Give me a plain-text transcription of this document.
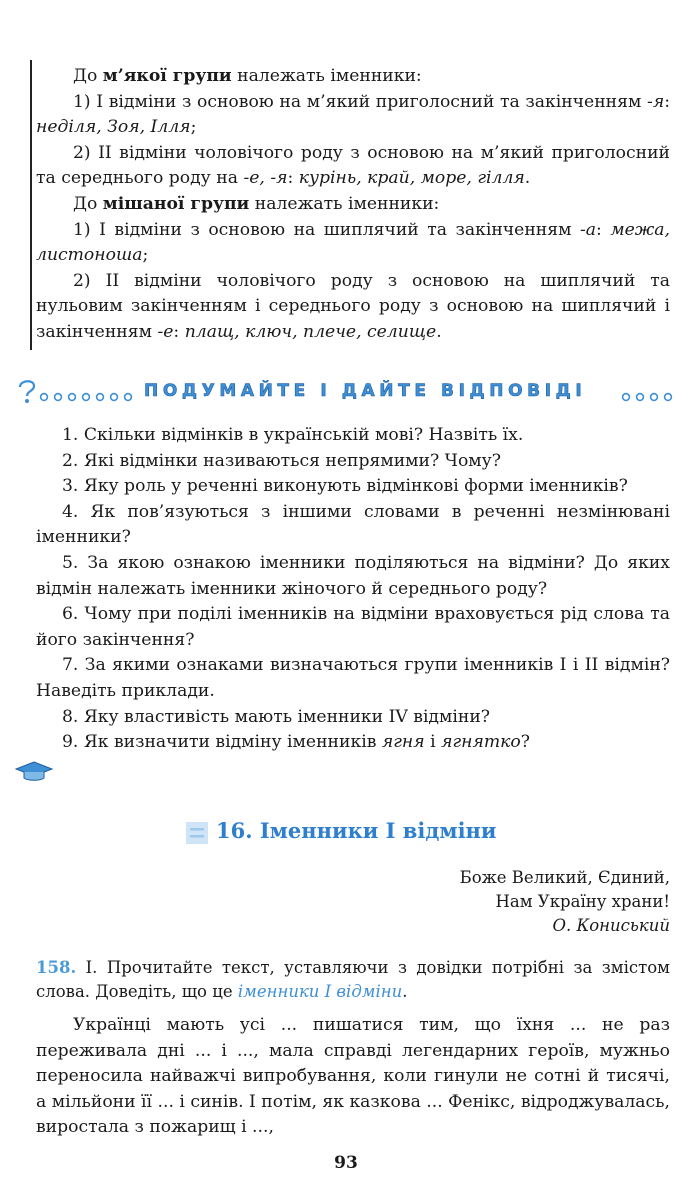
До м’якої групи належать іменники:

1) I відміни з основою на м’який приголосний та закінченням -я: неділя, Зоя, Ілля;

2) II відміни чоловічого роду з основою на м’який приголосний та середнього роду на -е, -я: курінь, край, море, гілля.

До мішаної групи належать іменники:

1) I відміни з основою на шиплячий та закінченням -а: межа, листоноша;

2) II відміни чоловічого роду з основою на шиплячий та нульовим закінченням і середнього роду з основою на шиплячий і закінченням -е: плащ, ключ, плече, селище.

ПОДУМАЙТЕ І ДАЙТЕ ВІДПОВІДІ

1. Скільки відмінків в українській мові? Назвіть їх.

2. Які відмінки називаються непрямими? Чому?

3. Яку роль у реченні виконують відмінкові форми іменників?

4. Як пов’язуються з іншими словами в реченні незмінювані іменники?

5. За якою ознакою іменники поділяються на відміни? До яких відмін належать іменники жіночого й середнього роду?

6. Чому при поділі іменників на відміни враховується рід слова та його закінчення?

7. За якими ознаками визначаються групи іменників I і II відмін? Наведіть приклади.

8. Яку властивість мають іменники IV відміни?

9. Як визначити відміну іменників ягня і ягнятко?

16. Іменники I відміни
Боже Великий, Єдиний,
Нам Україну храни!
О. Кониський

158. I. Прочитайте текст, уставляючи з довідки потрібні за змістом слова. Доведіть, що це іменники I відміни.

Українці мають усі ... пишатися тим, що їхня ... не раз переживала дні ... і ..., мала справді легендарних героїв, мужньо переносила найважчі випробування, коли гинули не сотні й тисячі, а мільйони її ... і синів. І потім, як казкова ... Фенікс, відроджувалась, виростала з пожарищ і ...,

93
